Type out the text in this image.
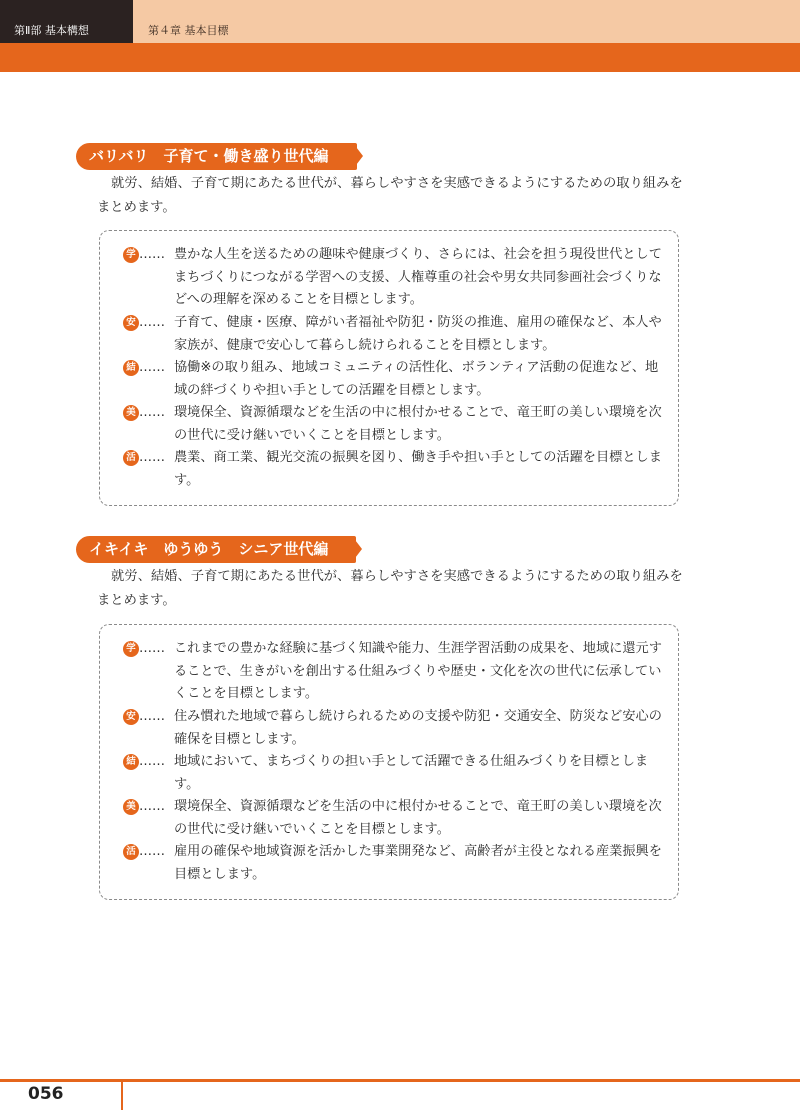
第Ⅱ部 基本構想	第４章 基本目標
バリバリ　子育て・働き盛り世代編
就労、結婚、子育て期にあたる世代が、暮らしやすさを実感できるようにするための取り組みをまとめます。
学 …… 豊かな人生を送るための趣味や健康づくり、さらには、社会を担う現役世代としてまちづくりにつながる学習への支援、人権尊重の社会や男女共同参画社会づくりなどへの理解を深めることを目標とします。
安 …… 子育て、健康・医療、障がい者福祉や防犯・防災の推進、雇用の確保など、本人や家族が、健康で安心して暮らし続けられることを目標とします。
結 …… 協働※の取り組み、地域コミュニティの活性化、ボランティア活動の促進など、地域の絆づくりや担い手としての活躍を目標とします。
美 …… 環境保全、資源循環などを生活の中に根付かせることで、竜王町の美しい環境を次の世代に受け継いでいくことを目標とします。
活 …… 農業、商工業、観光交流の振興を図り、働き手や担い手としての活躍を目標とします。
イキイキ　ゆうゆう　シニア世代編
就労、結婚、子育て期にあたる世代が、暮らしやすさを実感できるようにするための取り組みをまとめます。
学 …… これまでの豊かな経験に基づく知識や能力、生涯学習活動の成果を、地域に還元することで、生きがいを創出する仕組みづくりや歴史・文化を次の世代に伝承していくことを目標とします。
安 …… 住み慣れた地域で暮らし続けられるための支援や防犯・交通安全、防災など安心の確保を目標とします。
結 …… 地域において、まちづくりの担い手として活躍できる仕組みづくりを目標とします。
美 …… 環境保全、資源循環などを生活の中に根付かせることで、竜王町の美しい環境を次の世代に受け継いでいくことを目標とします。
活 …… 雇用の確保や地域資源を活かした事業開発など、高齢者が主役となれる産業振興を目標とします。
056
